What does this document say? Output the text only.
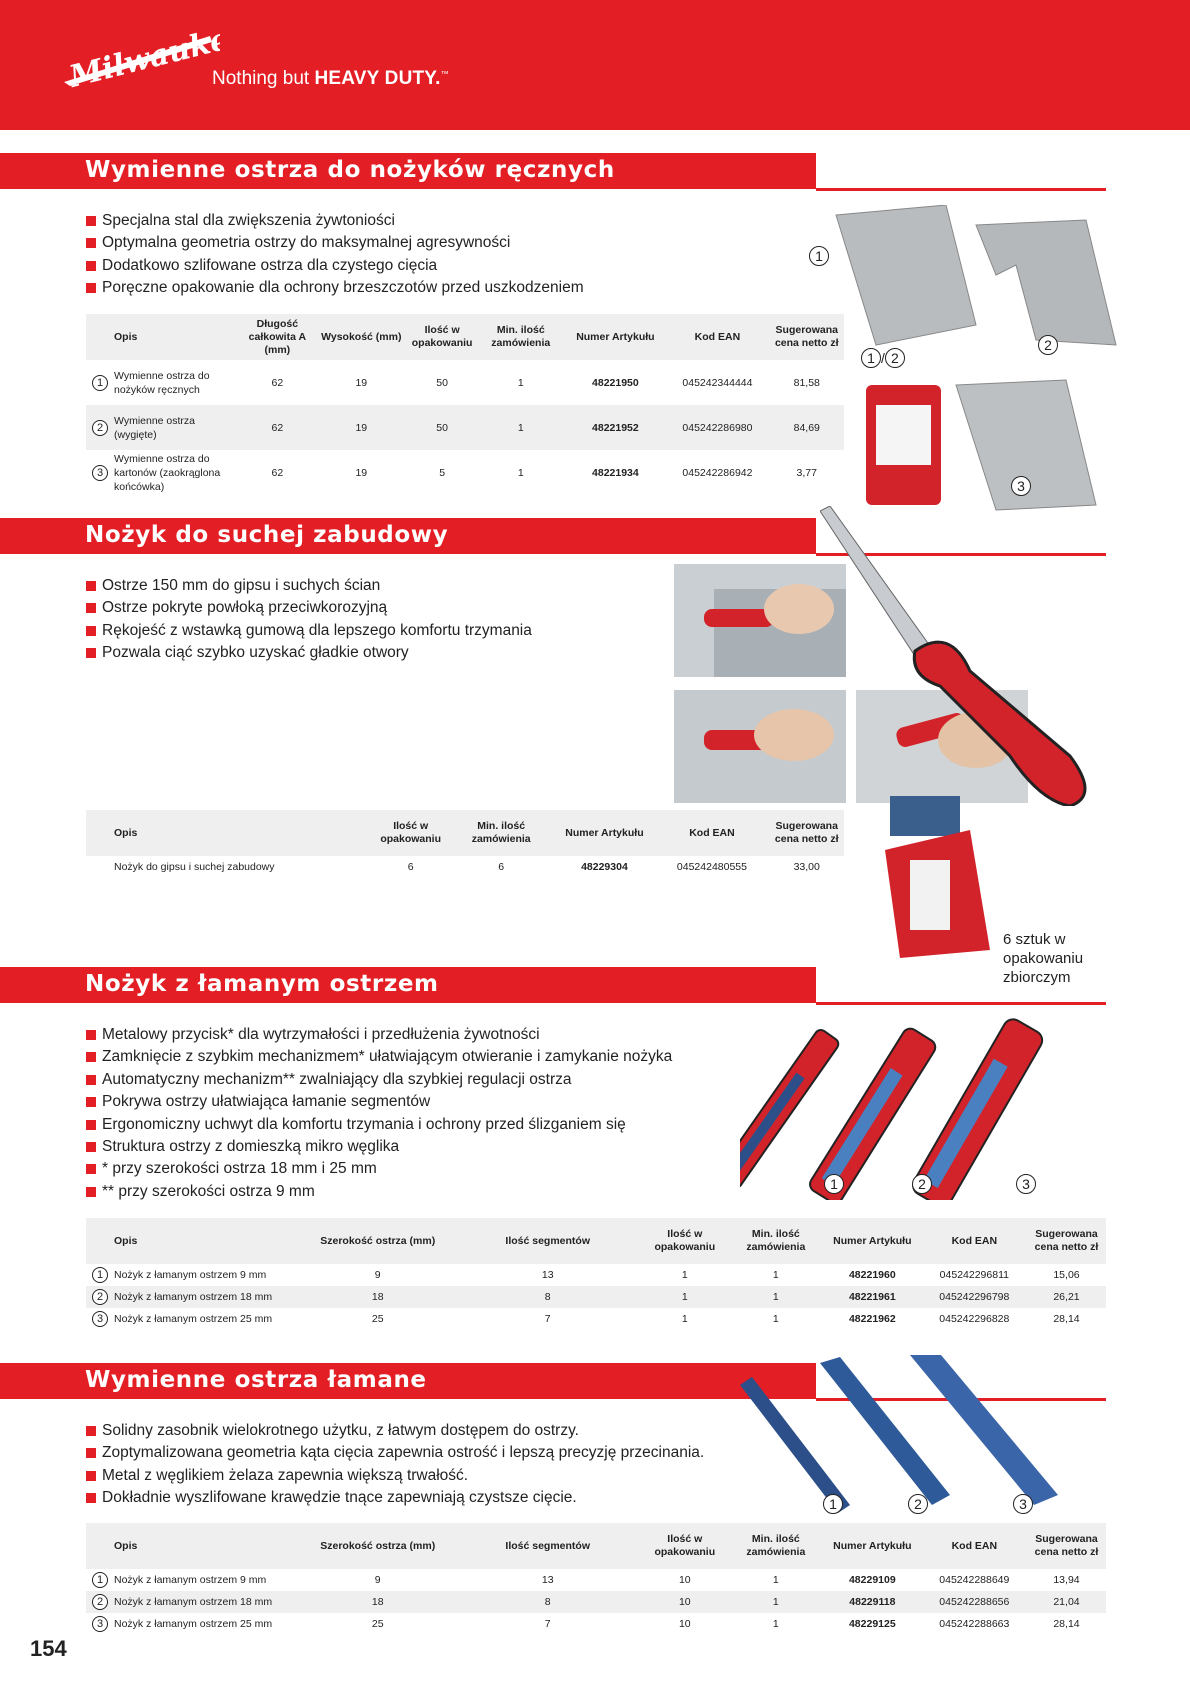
Milwaukee
Nothing but HEAVY DUTY.™
Wymienne ostrza do nożyków ręcznych
Specjalna stal dla zwiększenia żywtoniości
Optymalna geometria ostrzy do maksymalnej agresywności
Dodatkowo szlifowane ostrza dla czystego cięcia
Poręczne opakowanie dla ochrony brzeszczotów przed uszkodzeniem
Opis	Długość całkowita A (mm)	Wysokość (mm)	Ilość w opakowaniu	Min. ilość zamówienia	Numer Artykułu	Kod EAN	Sugerowana cena netto zł

1
Wymienne ostrza do nożyków ręcznych	62	19	50	1	48221950	045242344444	81,58

2
Wymienne ostrza (wygięte)	62	19	50	1	48221952	045242286980	84,69

3
Wymienne ostrza do kartonów (zaokrąglona końcówka)	62	19	5	1	48221934	045242286942	3,77
1
2
3
1 / 2
Nożyk do suchej zabudowy
Ostrze 150 mm do gipsu i suchych ścian
Ostrze pokryte powłoką przeciwkorozyjną
Rękojeść z wstawką gumową dla lepszego komfortu trzymania
Pozwala ciąć szybko uzyskać gładkie otwory
Opis	Ilość w opakowaniu	Min. ilość zamówienia	Numer Artykułu	Kod EAN	Sugerowana cena netto zł
Nożyk do gipsu i suchej zabudowy	6	6	48229304	045242480555	33,00
6 sztuk w opakowaniu zbiorczym
Nożyk z łamanym ostrzem
Metalowy przycisk* dla wytrzymałości i przedłużenia żywotności
Zamknięcie z szybkim mechanizmem* ułatwiającym otwieranie i zamykanie nożyka
Automatyczny mechanizm** zwalniający dla szybkiej regulacji ostrza
Pokrywa ostrzy ułatwiająca łamanie segmentów
Ergonomiczny uchwyt dla komfortu trzymania i ochrony przed ślizganiem się
Struktura ostrzy z domieszką mikro węglika
* przy szerokości ostrza 18 mm i 25 mm
** przy szerokości ostrza 9 mm	1	2	3
Opis	Szerokość ostrza (mm)	Ilość segmentów	Ilość w opakowaniu	Min. ilość zamówienia	Numer Artykułu	Kod EAN	Sugerowana cena netto zł

1 Nożyk z łamanym ostrzem 9 mm	9	13	1	1	48221960	045242296811	15,06

2 Nożyk z łamanym ostrzem 18 mm	18	8	1	1	48221961	045242296798	26,21

3 Nożyk z łamanym ostrzem 25 mm	25	7	1	1	48221962	045242296828	28,14
Wymienne ostrza łamane
Solidny zasobnik wielokrotnego użytku, z łatwym dostępem do ostrzy.
Zoptymalizowana geometria kąta cięcia zapewnia ostrość i lepszą precyzję przecinania.
Metal z węglikiem żelaza zapewnia większą trwałość.
Dokładnie wyszlifowane krawędzie tnące zapewniają czystsze cięcie.	1	2	3
Opis	Szerokość ostrza (mm)	Ilość segmentów	Ilość w opakowaniu	Min. ilość zamówienia	Numer Artykułu	Kod EAN	Sugerowana cena netto zł

1 Nożyk z łamanym ostrzem 9 mm	9	13	10	1	48229109	045242288649	13,94

2 Nożyk z łamanym ostrzem 18 mm	18	8	10	1	48229118	045242288656	21,04

3 Nożyk z łamanym ostrzem 25 mm	25	7	10	1	48229125	045242288663	28,14
154
